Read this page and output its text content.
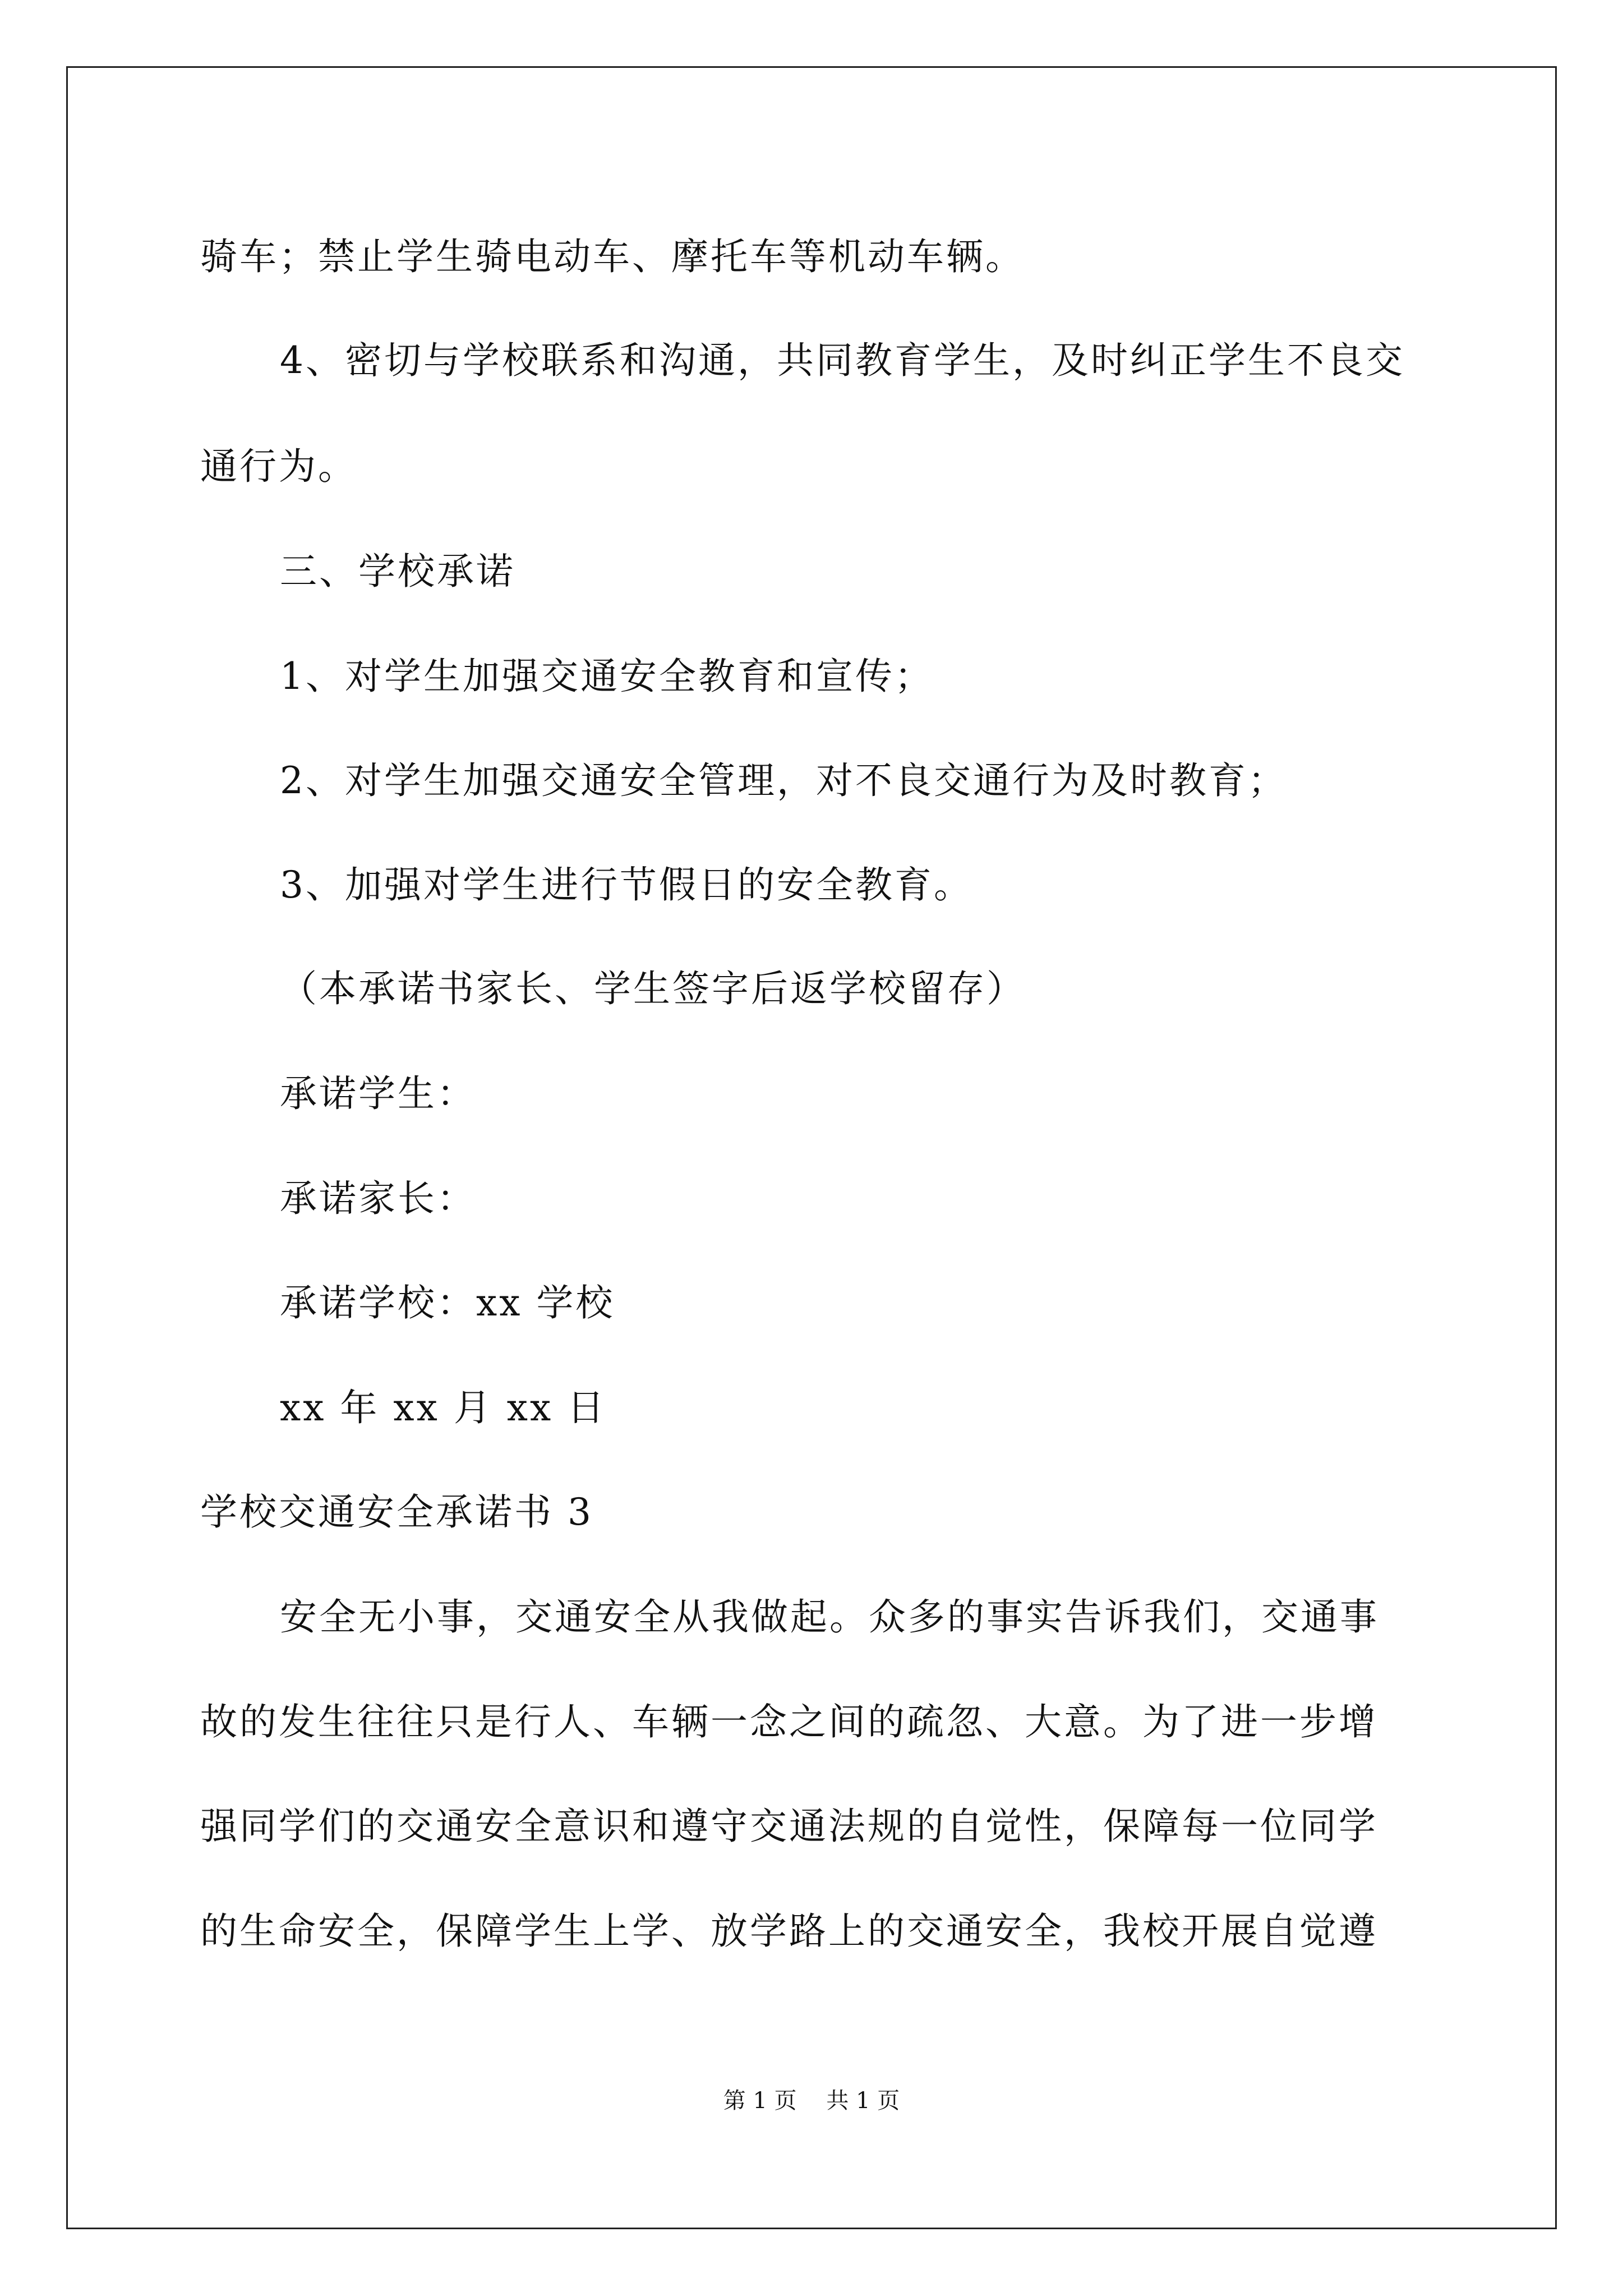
骑车；禁止学生骑电动车、摩托车等机动车辆。
4、密切与学校联系和沟通，共同教育学生，及时纠正学生不良交
通行为。
三、学校承诺
1、对学生加强交通安全教育和宣传；
2、对学生加强交通安全管理，对不良交通行为及时教育；
3、加强对学生进行节假日的安全教育。
（本承诺书家长、学生签字后返学校留存）
承诺学生：
承诺家长：
承诺学校：xx 学校
xx 年 xx 月 xx 日
学校交通安全承诺书 3
安全无小事，交通安全从我做起。众多的事实告诉我们，交通事
故的发生往往只是行人、车辆一念之间的疏忽、大意。为了进一步增
强同学们的交通安全意识和遵守交通法规的自觉性，保障每一位同学
的生命安全，保障学生上学、放学路上的交通安全，我校开展自觉遵
第 1 页 共 1 页
